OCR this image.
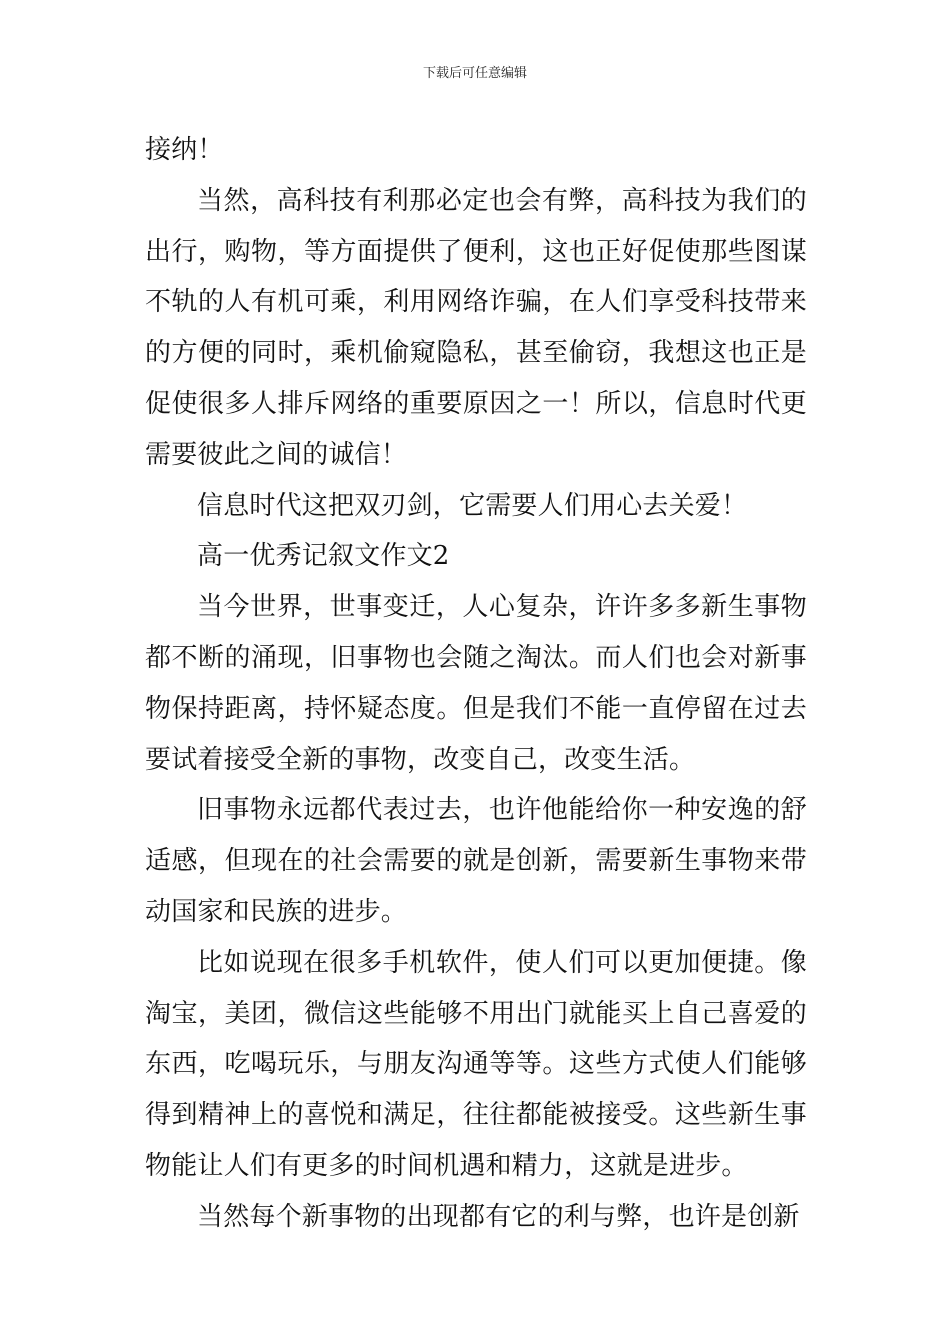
下载后可任意编辑

接纳！

当然，高科技有利那必定也会有弊，高科技为我们的出行，购物，等方面提供了便利，这也正好促使那些图谋不轨的人有机可乘，利用网络诈骗，在人们享受科技带来的方便的同时，乘机偷窥隐私，甚至偷窃，我想这也正是促使很多人排斥网络的重要原因之一！所以，信息时代更需要彼此之间的诚信！

信息时代这把双刃剑，它需要人们用心去关爱！

高一优秀记叙文作文2

当今世界，世事变迁，人心复杂，许许多多新生事物都不断的涌现，旧事物也会随之淘汰。而人们也会对新事物保持距离，持怀疑态度。但是我们不能一直停留在过去要试着接受全新的事物，改变自己，改变生活。

旧事物永远都代表过去，也许他能给你一种安逸的舒适感，但现在的社会需要的就是创新，需要新生事物来带动国家和民族的进步。

比如说现在很多手机软件，使人们可以更加便捷。像淘宝，美团，微信这些能够不用出门就能买上自己喜爱的东西，吃喝玩乐，与朋友沟通等等。这些方式使人们能够得到精神上的喜悦和满足，往往都能被接受。这些新生事物能让人们有更多的时间机遇和精力，这就是进步。

当然每个新事物的出现都有它的利与弊，也许是创新
